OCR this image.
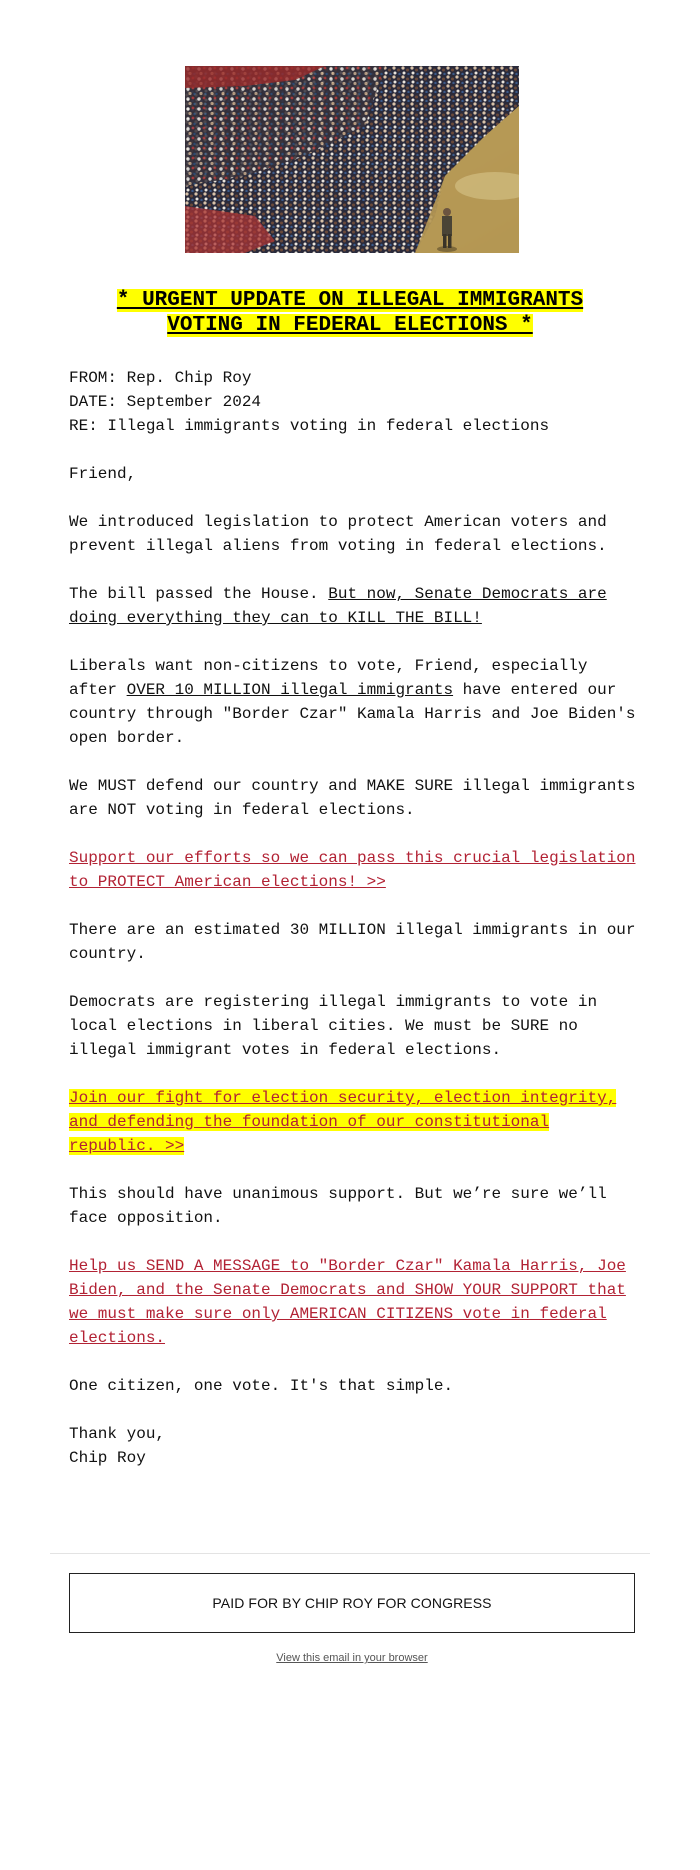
* URGENT UPDATE ON ILLEGAL IMMIGRANTS
VOTING IN FEDERAL ELECTIONS *

FROM: Rep. Chip Roy
DATE: September 2024
RE: Illegal immigrants voting in federal elections

Friend,

We introduced legislation to protect American voters and prevent illegal aliens from voting in federal elections.

The bill passed the House. But now, Senate Democrats are doing everything they can to KILL THE BILL!

Liberals want non-citizens to vote, Friend, especially after OVER 10 MILLION illegal immigrants have entered our country through "Border Czar" Kamala Harris and Joe Biden's open border.

We MUST defend our country and MAKE SURE illegal immigrants are NOT voting in federal elections.

Support our efforts so we can pass this crucial legislation to PROTECT American elections! >>

There are an estimated 30 MILLION illegal immigrants in our country.

Democrats are registering illegal immigrants to vote in local elections in liberal cities. We must be SURE no illegal immigrant votes in federal elections.

Join our fight for election security, election integrity, and defending the foundation of our constitutional republic. >>

This should have unanimous support. But we’re sure we’ll face opposition.

Help us SEND A MESSAGE to "Border Czar" Kamala Harris, Joe Biden, and the Senate Democrats and SHOW YOUR SUPPORT that we must make sure only AMERICAN CITIZENS vote in federal elections.

One citizen, one vote. It's that simple.

Thank you,
Chip Roy

PAID FOR BY CHIP ROY FOR CONGRESS
View this email in your browser
